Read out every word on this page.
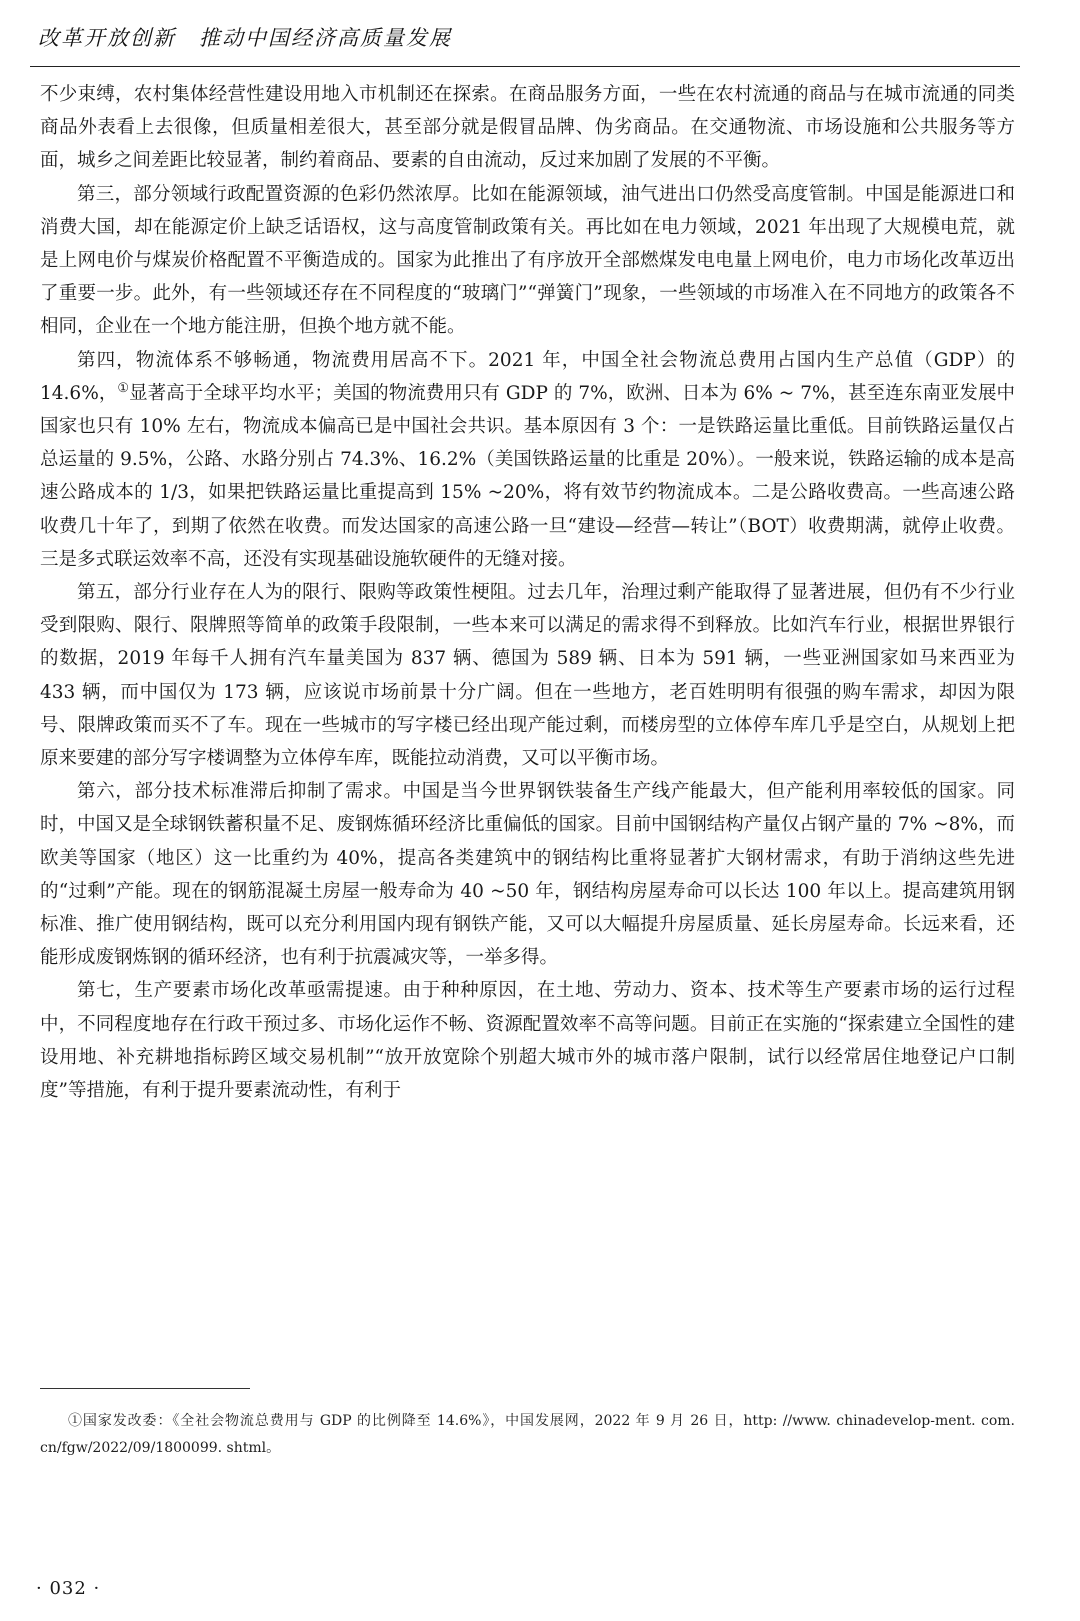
改革开放创新　推动中国经济高质量发展

不少束缚，农村集体经营性建设用地入市机制还在探索。在商品服务方面，一些在农村流通的商品与在城市流通的同类商品外表看上去很像，但质量相差很大，甚至部分就是假冒品牌、伪劣商品。在交通物流、市场设施和公共服务等方面，城乡之间差距比较显著，制约着商品、要素的自由流动，反过来加剧了发展的不平衡。

第三，部分领域行政配置资源的色彩仍然浓厚。比如在能源领域，油气进出口仍然受高度管制。中国是能源进口和消费大国，却在能源定价上缺乏话语权，这与高度管制政策有关。再比如在电力领域，2021 年出现了大规模电荒，就是上网电价与煤炭价格配置不平衡造成的。国家为此推出了有序放开全部燃煤发电电量上网电价，电力市场化改革迈出了重要一步。此外，有一些领域还存在不同程度的“玻璃门”“弹簧门”现象，一些领域的市场准入在不同地方的政策各不相同，企业在一个地方能注册，但换个地方就不能。

第四，物流体系不够畅通，物流费用居高不下。2021 年，中国全社会物流总费用占国内生产总值（GDP）的 14.6%，①显著高于全球平均水平；美国的物流费用只有 GDP 的 7%，欧洲、日本为 6% ~ 7%，甚至连东南亚发展中国家也只有 10% 左右，物流成本偏高已是中国社会共识。基本原因有 3 个：一是铁路运量比重低。目前铁路运量仅占总运量的 9.5%，公路、水路分别占 74.3%、16.2%（美国铁路运量的比重是 20%）。一般来说，铁路运输的成本是高速公路成本的 1/3，如果把铁路运量比重提高到 15% ~20%，将有效节约物流成本。二是公路收费高。一些高速公路收费几十年了，到期了依然在收费。而发达国家的高速公路一旦“建设—经营—转让”（BOT）收费期满，就停止收费。三是多式联运效率不高，还没有实现基础设施软硬件的无缝对接。

第五，部分行业存在人为的限行、限购等政策性梗阻。过去几年，治理过剩产能取得了显著进展，但仍有不少行业受到限购、限行、限牌照等简单的政策手段限制，一些本来可以满足的需求得不到释放。比如汽车行业，根据世界银行的数据，2019 年每千人拥有汽车量美国为 837 辆、德国为 589 辆、日本为 591 辆，一些亚洲国家如马来西亚为 433 辆，而中国仅为 173 辆，应该说市场前景十分广阔。但在一些地方，老百姓明明有很强的购车需求，却因为限号、限牌政策而买不了车。现在一些城市的写字楼已经出现产能过剩，而楼房型的立体停车库几乎是空白，从规划上把原来要建的部分写字楼调整为立体停车库，既能拉动消费，又可以平衡市场。

第六，部分技术标准滞后抑制了需求。中国是当今世界钢铁装备生产线产能最大，但产能利用率较低的国家。同时，中国又是全球钢铁蓄积量不足、废钢炼循环经济比重偏低的国家。目前中国钢结构产量仅占钢产量的 7% ~8%，而欧美等国家（地区）这一比重约为 40%，提高各类建筑中的钢结构比重将显著扩大钢材需求，有助于消纳这些先进的“过剩”产能。现在的钢筋混凝土房屋一般寿命为 40 ~50 年，钢结构房屋寿命可以长达 100 年以上。提高建筑用钢标准、推广使用钢结构，既可以充分利用国内现有钢铁产能，又可以大幅提升房屋质量、延长房屋寿命。长远来看，还能形成废钢炼钢的循环经济，也有利于抗震减灾等，一举多得。

第七，生产要素市场化改革亟需提速。由于种种原因，在土地、劳动力、资本、技术等生产要素市场的运行过程中，不同程度地存在行政干预过多、市场化运作不畅、资源配置效率不高等问题。目前正在实施的“探索建立全国性的建设用地、补充耕地指标跨区域交易机制”“放开放宽除个别超大城市外的城市落户限制，试行以经常居住地登记户口制度”等措施，有利于提升要素流动性，有利于

①国家发改委：《全社会物流总费用与 GDP 的比例降至 14.6%》，中国发展网，2022 年 9 月 26 日，http: //www. chinadevelop-ment. com. cn/fgw/2022/09/1800099. shtml。
· 032 ·
